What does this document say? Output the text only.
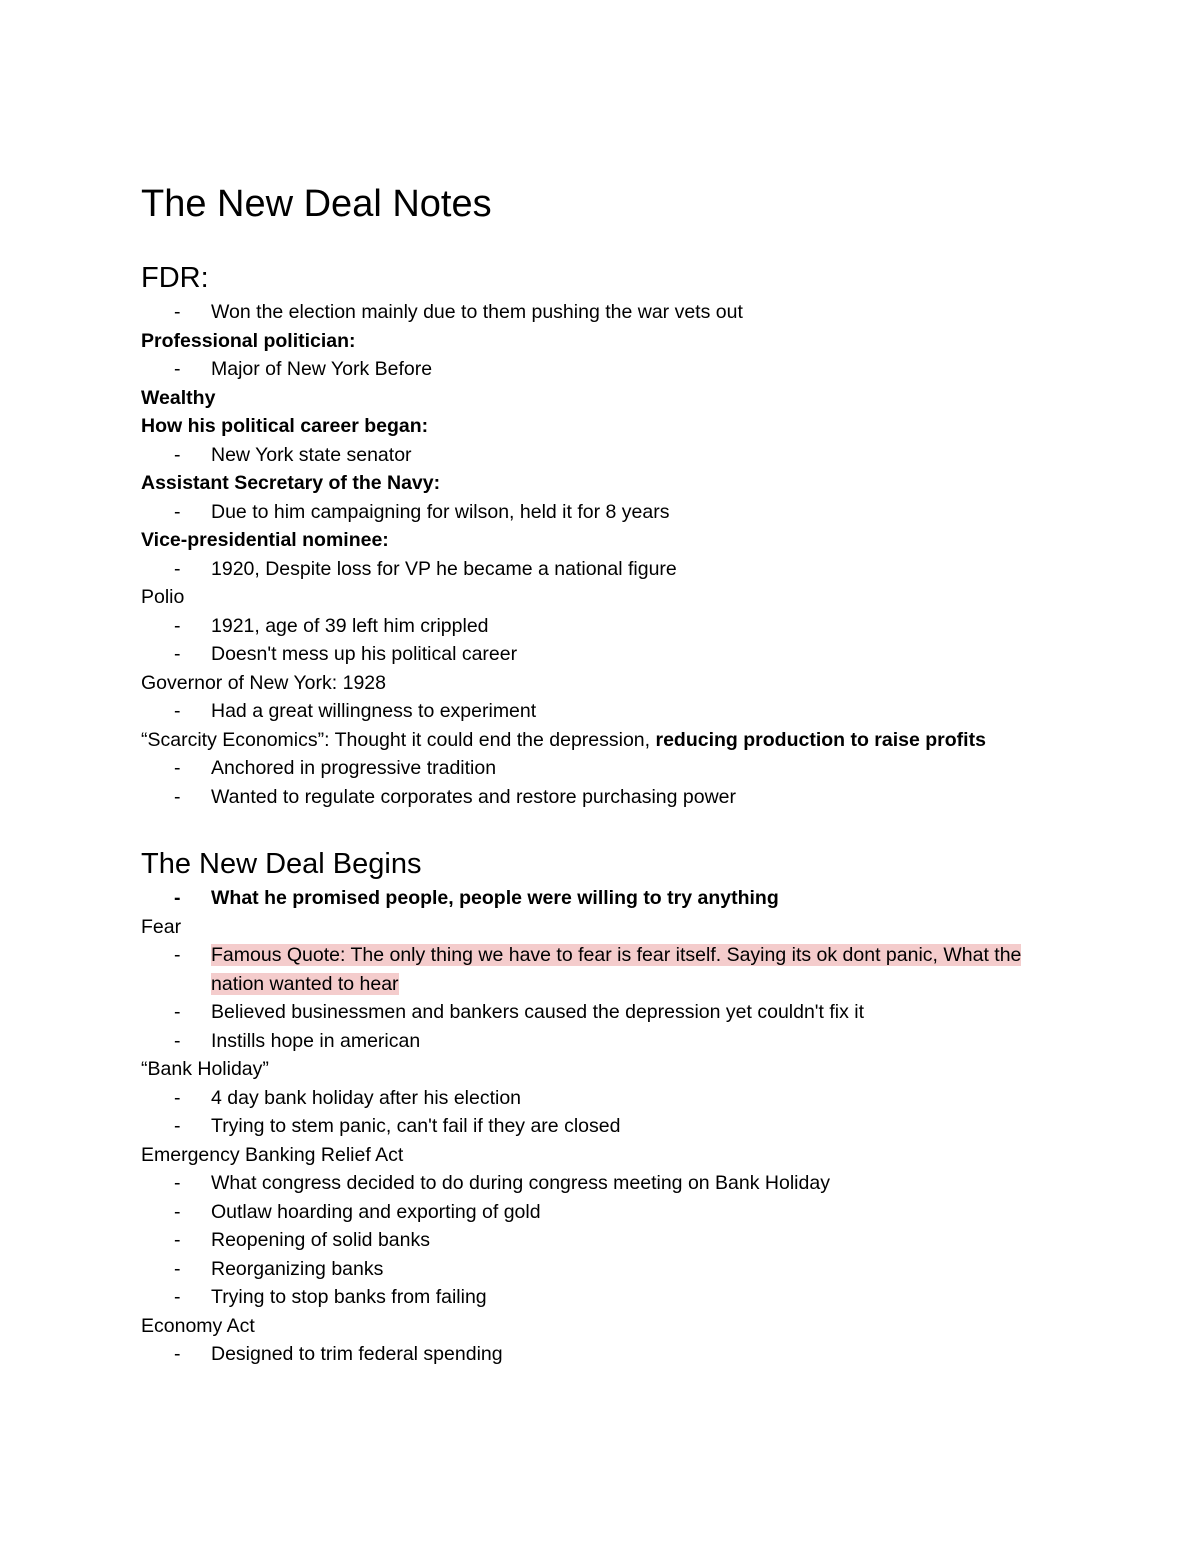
The New Deal Notes
FDR:

- Won the election mainly due to them pushing the war vets out

Professional politician:

- Major of New York Before

Wealthy

How his political career began:

- New York state senator

Assistant Secretary of the Navy:

- Due to him campaigning for wilson, held it for 8 years

Vice-presidential nominee:

- 1920, Despite loss for VP he became a national figure

Polio

- 1921, age of 39 left him crippled

- Doesn't mess up his political career

Governor of New York: 1928

- Had a great willingness to experiment

“Scarcity Economics”: Thought it could end the depression, reducing production to raise profits

- Anchored in progressive tradition

- Wanted to regulate corporates and restore purchasing power

The New Deal Begins

- What he promised people, people were willing to try anything

Fear

- Famous Quote: The only thing we have to fear is fear itself. Saying its ok dont panic, What the nation wanted to hear

- Believed businessmen and bankers caused the depression yet couldn't fix it

- Instills hope in american

“Bank Holiday”

- 4 day bank holiday after his election

- Trying to stem panic, can't fail if they are closed

Emergency Banking Relief Act

- What congress decided to do during congress meeting on Bank Holiday

- Outlaw hoarding and exporting of gold

- Reopening of solid banks

- Reorganizing banks

- Trying to stop banks from failing

Economy Act

- Designed to trim federal spending
